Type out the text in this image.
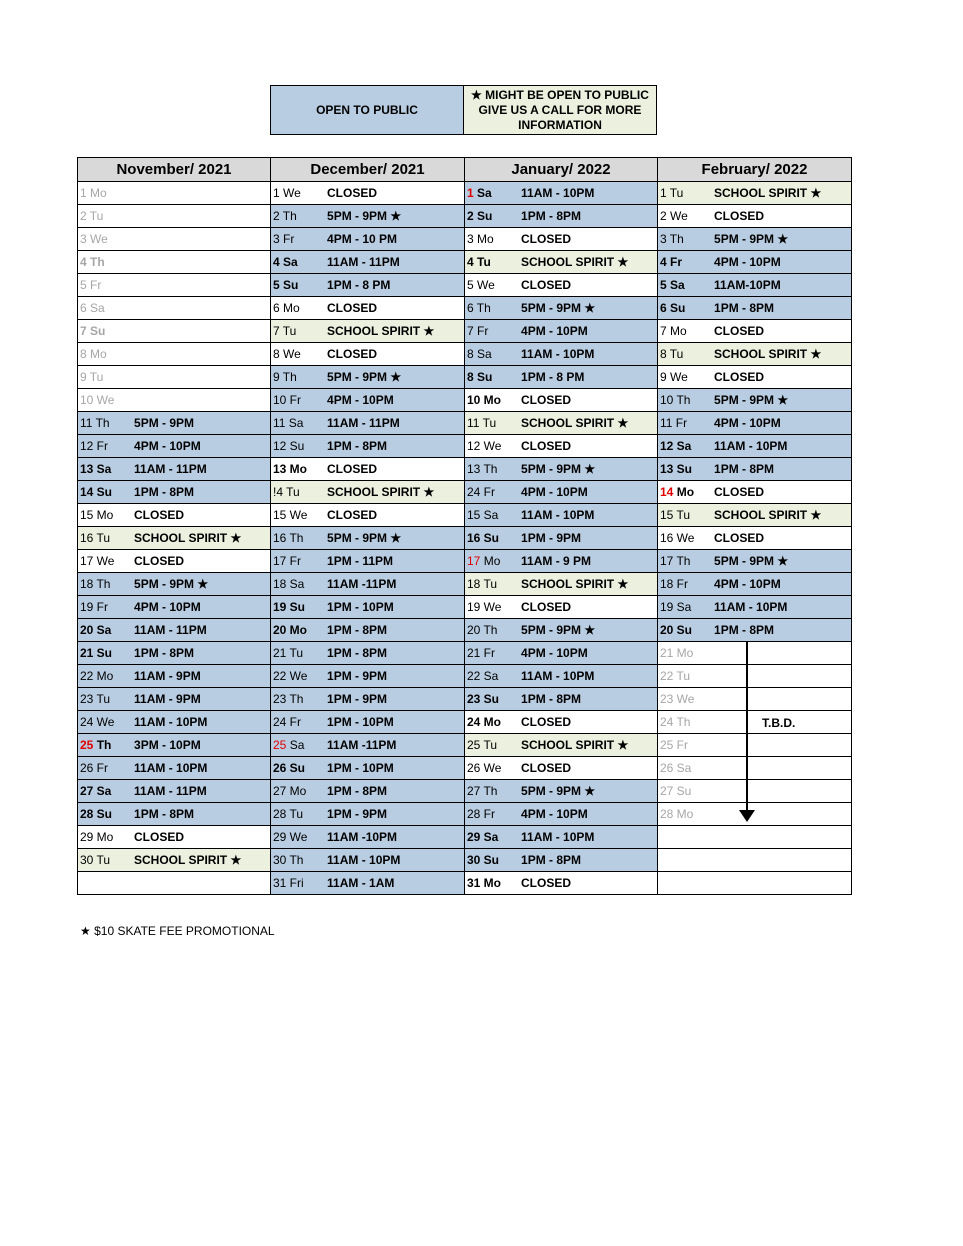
OPEN TO PUBLIC
★ MIGHT BE OPEN TO PUBLIC
GIVE US A CALL FOR MORE
INFORMATION
November/ 2021	December/ 2021	January/ 2022	February/ 2022
1 Mo	1 We CLOSED	1 Sa 11AM - 10PM	1 Tu SCHOOL SPIRIT ★
2 Tu	2 Th 5PM - 9PM ★	2 Su 1PM - 8PM	2 We CLOSED
3 We	3 Fr 4PM - 10 PM	3 Mo CLOSED	3 Th 5PM - 9PM ★
4 Th	4 Sa 11AM - 11PM	4 Tu SCHOOL SPIRIT ★	4 Fr 4PM - 10PM
5 Fr	5 Su 1PM - 8 PM	5 We CLOSED	5 Sa 11AM-10PM
6 Sa	6 Mo CLOSED	6 Th 5PM - 9PM ★	6 Su 1PM - 8PM
7 Su	7 Tu SCHOOL SPIRIT ★	7 Fr 4PM - 10PM	7 Mo CLOSED
8 Mo	8 We CLOSED	8 Sa 11AM - 10PM	8 Tu SCHOOL SPIRIT ★
9 Tu	9 Th 5PM - 9PM ★	8 Su 1PM - 8 PM	9 We CLOSED
10 We	10 Fr 4PM - 10PM	10 Mo CLOSED	10 Th 5PM - 9PM ★
11 Th 5PM - 9PM	11 Sa 11AM - 11PM	11 Tu SCHOOL SPIRIT ★	11 Fr 4PM - 10PM
12 Fr 4PM - 10PM	12 Su 1PM - 8PM	12 We CLOSED	12 Sa 11AM - 10PM
13 Sa 11AM - 11PM	13 Mo CLOSED	13 Th 5PM - 9PM ★	13 Su 1PM - 8PM
14 Su 1PM - 8PM	!4 Tu SCHOOL SPIRIT ★	24 Fr 4PM - 10PM	14 Mo CLOSED
15 Mo CLOSED	15 We CLOSED	15 Sa 11AM - 10PM	15 Tu SCHOOL SPIRIT ★
16 Tu SCHOOL SPIRIT ★	16 Th 5PM - 9PM ★	16 Su 1PM - 9PM	16 We CLOSED
17 We CLOSED	17 Fr 1PM - 11PM	17 Mo 11AM - 9 PM	17 Th 5PM - 9PM ★
18 Th 5PM - 9PM ★	18 Sa 11AM -11PM	18 Tu SCHOOL SPIRIT ★	18 Fr 4PM - 10PM
19 Fr 4PM - 10PM	19 Su 1PM - 10PM	19 We CLOSED	19 Sa 11AM - 10PM
20 Sa 11AM - 11PM	20 Mo 1PM - 8PM	20 Th 5PM - 9PM ★	20 Su 1PM - 8PM
21 Su 1PM - 8PM	21 Tu 1PM - 8PM	21 Fr 4PM - 10PM	21 Mo
22 Mo 11AM - 9PM	22 We 1PM - 9PM	22 Sa 11AM - 10PM	22 Tu
23 Tu 11AM - 9PM	23 Th 1PM - 9PM	23 Su 1PM - 8PM	23 We
24 We 11AM - 10PM	24 Fr 1PM - 10PM	24 Mo CLOSED	24 Th
25 Th 3PM - 10PM	25 Sa 11AM -11PM	25 Tu SCHOOL SPIRIT ★	25 Fr
26 Fr 11AM - 10PM	26 Su 1PM - 10PM	26 We CLOSED	26 Sa
27 Sa 11AM - 11PM	27 Mo 1PM - 8PM	27 Th 5PM - 9PM ★	27 Su
28 Su 1PM - 8PM	28 Tu 1PM - 9PM	28 Fr 4PM - 10PM	28 Mo
29 Mo CLOSED	29 We 11AM -10PM	29 Sa 11AM - 10PM	
30 Tu SCHOOL SPIRIT ★	30 Th 11AM - 10PM	30 Su 1PM - 8PM	
	31 Fri 11AM - 1AM	31 Mo CLOSED	
T.B.D.
★ $10 SKATE FEE PROMOTIONAL
